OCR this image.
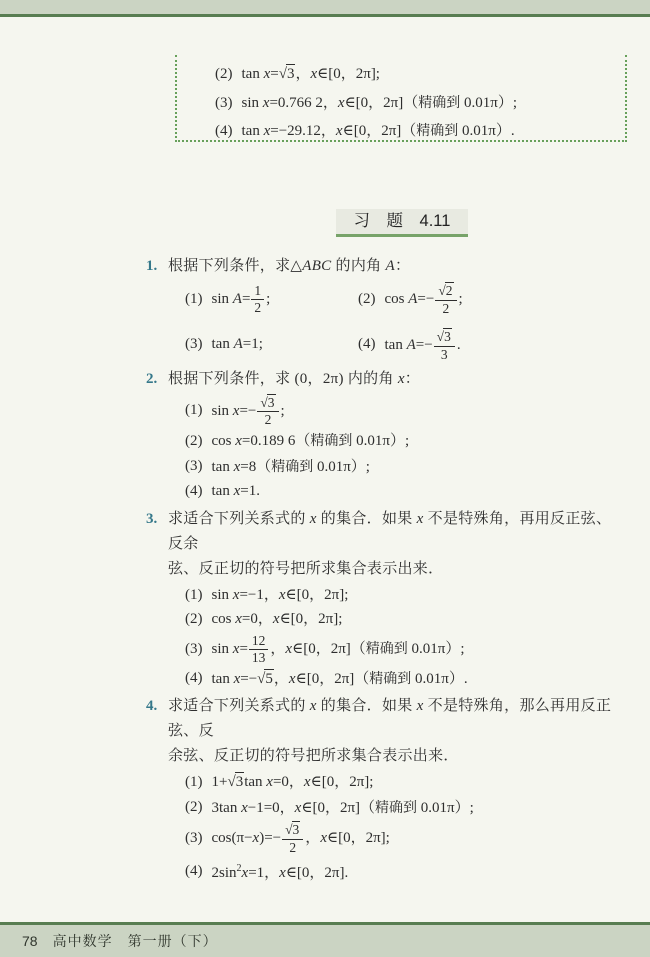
(2) tan x=√3，x∈[0，2π];
(3) sin x=0.766 2，x∈[0，2π]（精确到 0.01π）;
(4) tan x=−29.12，x∈[0，2π]（精确到 0.01π）.
习　题　4.11
1. 根据下列条件，求△ABC 的内角 A：
(1) $\sin A= \frac{1}{2}$ ;	(2) $\cos A=- \frac{√2}{2}$ ;
(3) tan A=1;	(4) $\tan A=- \frac{√3}{3}$ .
2. 根据下列条件，求 (0，2π) 内的角 x：
(1) $\sin x=- \frac{√3}{2}$ ;
(2) cos x=0.189 6（精确到 0.01π）;
(3) tan x=8（精确到 0.01π）;
(4) tan x=1.
3. 求适合下列关系式的 x 的集合．如果 x 不是特殊角，再用反正弦、反余
弦、反正切的符号把所求集合表示出来．
(1) sin x=−1，x∈[0，2π];
(2) cos x=0，x∈[0，2π];
(3) $\sin x= \frac{12}{13}$ ，x∈[0，2π]（精确到 0.01π）;
(4) tan x=−√5，x∈[0，2π]（精确到 0.01π）.
4. 求适合下列关系式的 x 的集合．如果 x 不是特殊角，那么再用反正弦、反
余弦、反正切的符号把所求集合表示出来．
(1) 1+√3tan x=0，x∈[0，2π];
(2) 3tan x−1=0，x∈[0，2π]（精确到 0.01π）;
(3) $\cos(\pi-x)=- \frac{√3}{2}$ ，x∈[0，2π];
(4) $2\sin^2x=1$，x∈[0，2π].
78 高中数学　第一册（下）
